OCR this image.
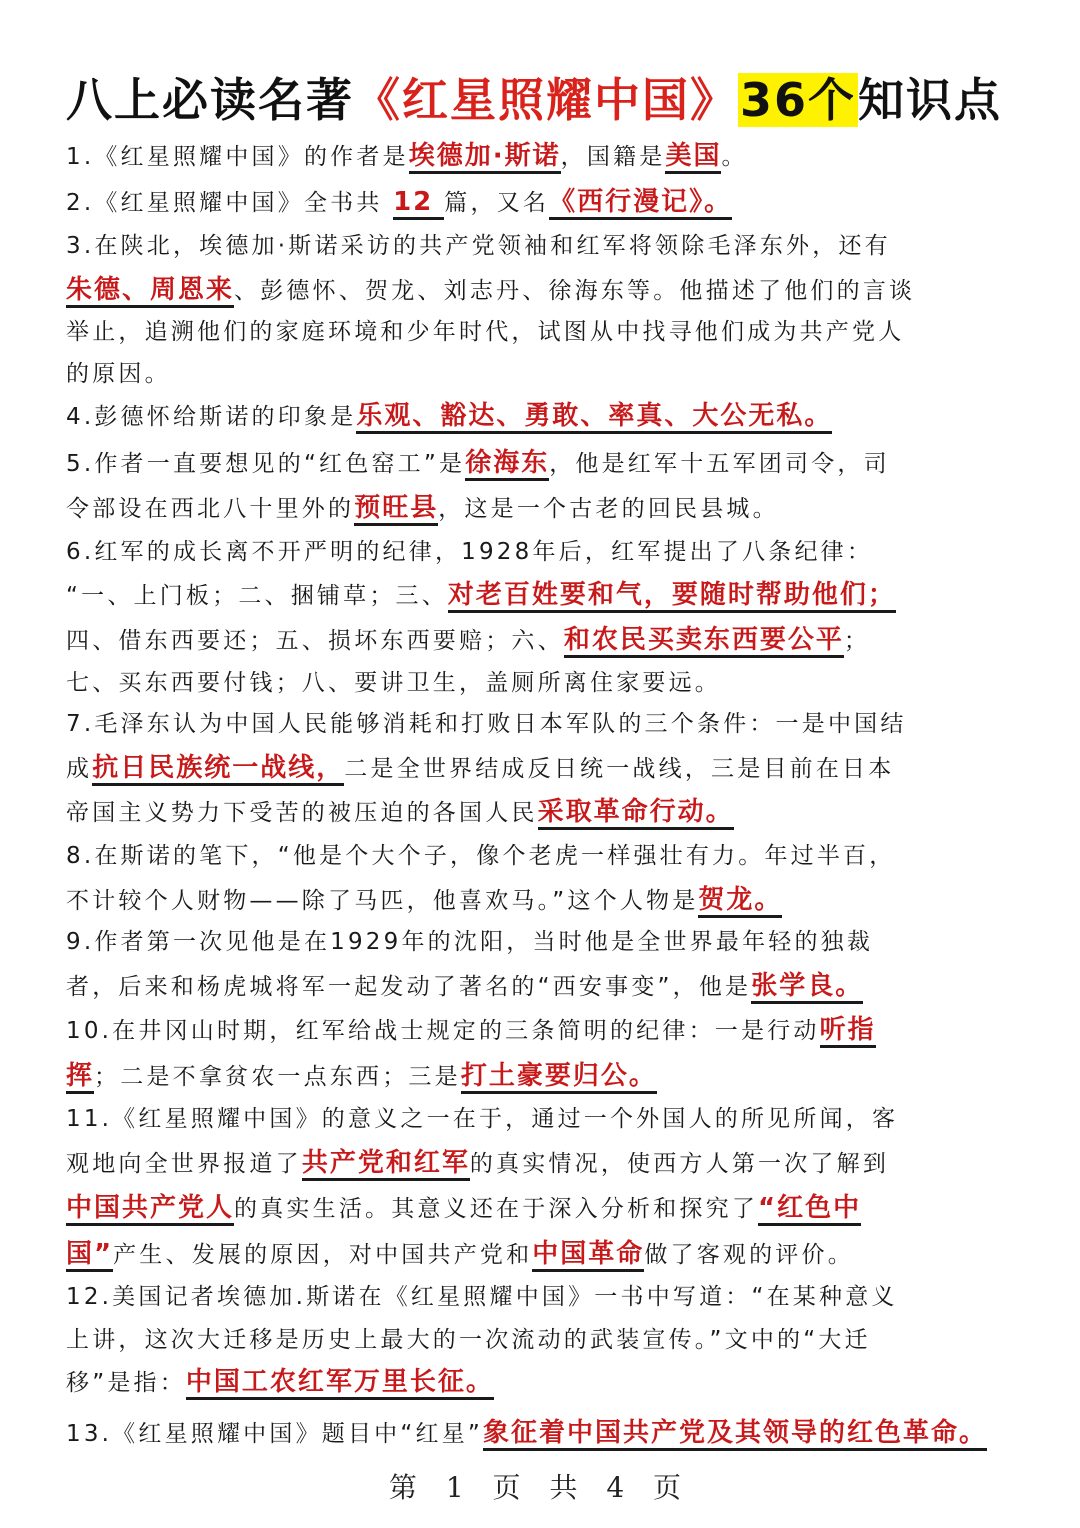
八上必读名著《红星照耀中国》36个知识点
1.《红星照耀中国》的作者是埃德加·斯诺，国籍是美国。
2.《红星照耀中国》全书共 12 篇，又名《西行漫记》。
3.在陕北，埃德加·斯诺采访的共产党领袖和红军将领除毛泽东外，还有
朱德、周恩来、彭德怀、贺龙、刘志丹、徐海东等。他描述了他们的言谈
举止，追溯他们的家庭环境和少年时代，试图从中找寻他们成为共产党人
的原因。
4.彭德怀给斯诺的印象是乐观、豁达、勇敢、率真、大公无私。
5.作者一直要想见的“红色窑工”是徐海东，他是红军十五军团司令，司
令部设在西北八十里外的预旺县，这是一个古老的回民县城。
6.红军的成长离不开严明的纪律，1928年后，红军提出了八条纪律：
“一、上门板；二、捆铺草；三、对老百姓要和气，要随时帮助他们；
四、借东西要还；五、损坏东西要赔；六、和农民买卖东西要公平；
七、买东西要付钱；八、要讲卫生，盖厕所离住家要远。
7.毛泽东认为中国人民能够消耗和打败日本军队的三个条件：一是中国结
成抗日民族统一战线，二是全世界结成反日统一战线，三是目前在日本
帝国主义势力下受苦的被压迫的各国人民采取革命行动。
8.在斯诺的笔下，“他是个大个子，像个老虎一样强壮有力。年过半百，
不计较个人财物——除了马匹，他喜欢马。”这个人物是贺龙。
9.作者第一次见他是在1929年的沈阳，当时他是全世界最年轻的独裁
者，后来和杨虎城将军一起发动了著名的“西安事变”，他是张学良。
10.在井冈山时期，红军给战士规定的三条简明的纪律：一是行动听指
挥；二是不拿贫农一点东西；三是打土豪要归公。
11.《红星照耀中国》的意义之一在于，通过一个外国人的所见所闻，客
观地向全世界报道了共产党和红军的真实情况，使西方人第一次了解到
中国共产党人的真实生活。其意义还在于深入分析和探究了“红色中
国”产生、发展的原因，对中国共产党和中国革命做了客观的评价。
12.美国记者埃德加.斯诺在《红星照耀中国》一书中写道：“在某种意义
上讲，这次大迁移是历史上最大的一次流动的武装宣传。”文中的“大迁
移”是指：中国工农红军万里长征。
13.《红星照耀中国》题目中“红星”象征着中国共产党及其领导的红色革命。
第 1 页 共 4 页
